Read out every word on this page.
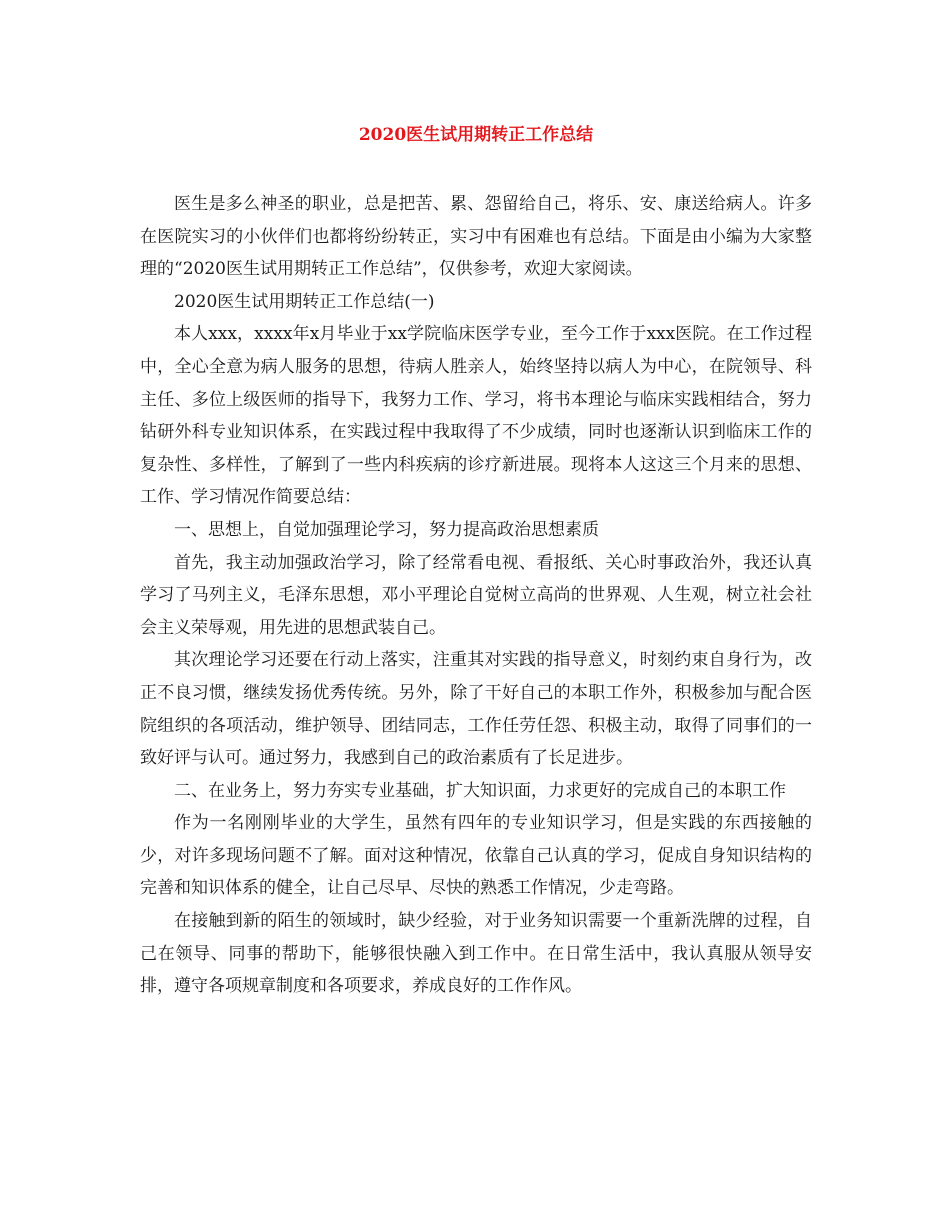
2020医生试用期转正工作总结

医生是多么神圣的职业，总是把苦、累、怨留给自己，将乐、安、康送给病人。许多在医院实习的小伙伴们也都将纷纷转正，实习中有困难也有总结。下面是由小编为大家整理的“2020医生试用期转正工作总结”，仅供参考，欢迎大家阅读。

2020医生试用期转正工作总结(一)

本人xxx，xxxx年x月毕业于xx学院临床医学专业，至今工作于xxx医院。在工作过程中，全心全意为病人服务的思想，待病人胜亲人，始终坚持以病人为中心，在院领导、科主任、多位上级医师的指导下，我努力工作、学习，将书本理论与临床实践相结合，努力钻研外科专业知识体系，在实践过程中我取得了不少成绩，同时也逐渐认识到临床工作的复杂性、多样性，了解到了一些内科疾病的诊疗新进展。现将本人这这三个月来的思想、工作、学习情况作简要总结：

一、思想上，自觉加强理论学习，努力提高政治思想素质

首先，我主动加强政治学习，除了经常看电视、看报纸、关心时事政治外，我还认真学习了马列主义，毛泽东思想，邓小平理论自觉树立高尚的世界观、人生观，树立社会社会主义荣辱观，用先进的思想武装自己。

其次理论学习还要在行动上落实，注重其对实践的指导意义，时刻约束自身行为，改正不良习惯，继续发扬优秀传统。另外，除了干好自己的本职工作外，积极参加与配合医院组织的各项活动，维护领导、团结同志，工作任劳任怨、积极主动，取得了同事们的一致好评与认可。通过努力，我感到自己的政治素质有了长足进步。

二、在业务上，努力夯实专业基础，扩大知识面，力求更好的完成自己的本职工作

作为一名刚刚毕业的大学生，虽然有四年的专业知识学习，但是实践的东西接触的少，对许多现场问题不了解。面对这种情况，依靠自己认真的学习，促成自身知识结构的完善和知识体系的健全，让自己尽早、尽快的熟悉工作情况，少走弯路。

在接触到新的陌生的领域时，缺少经验，对于业务知识需要一个重新洗牌的过程，自己在领导、同事的帮助下，能够很快融入到工作中。在日常生活中，我认真服从领导安排，遵守各项规章制度和各项要求，养成良好的工作作风。
